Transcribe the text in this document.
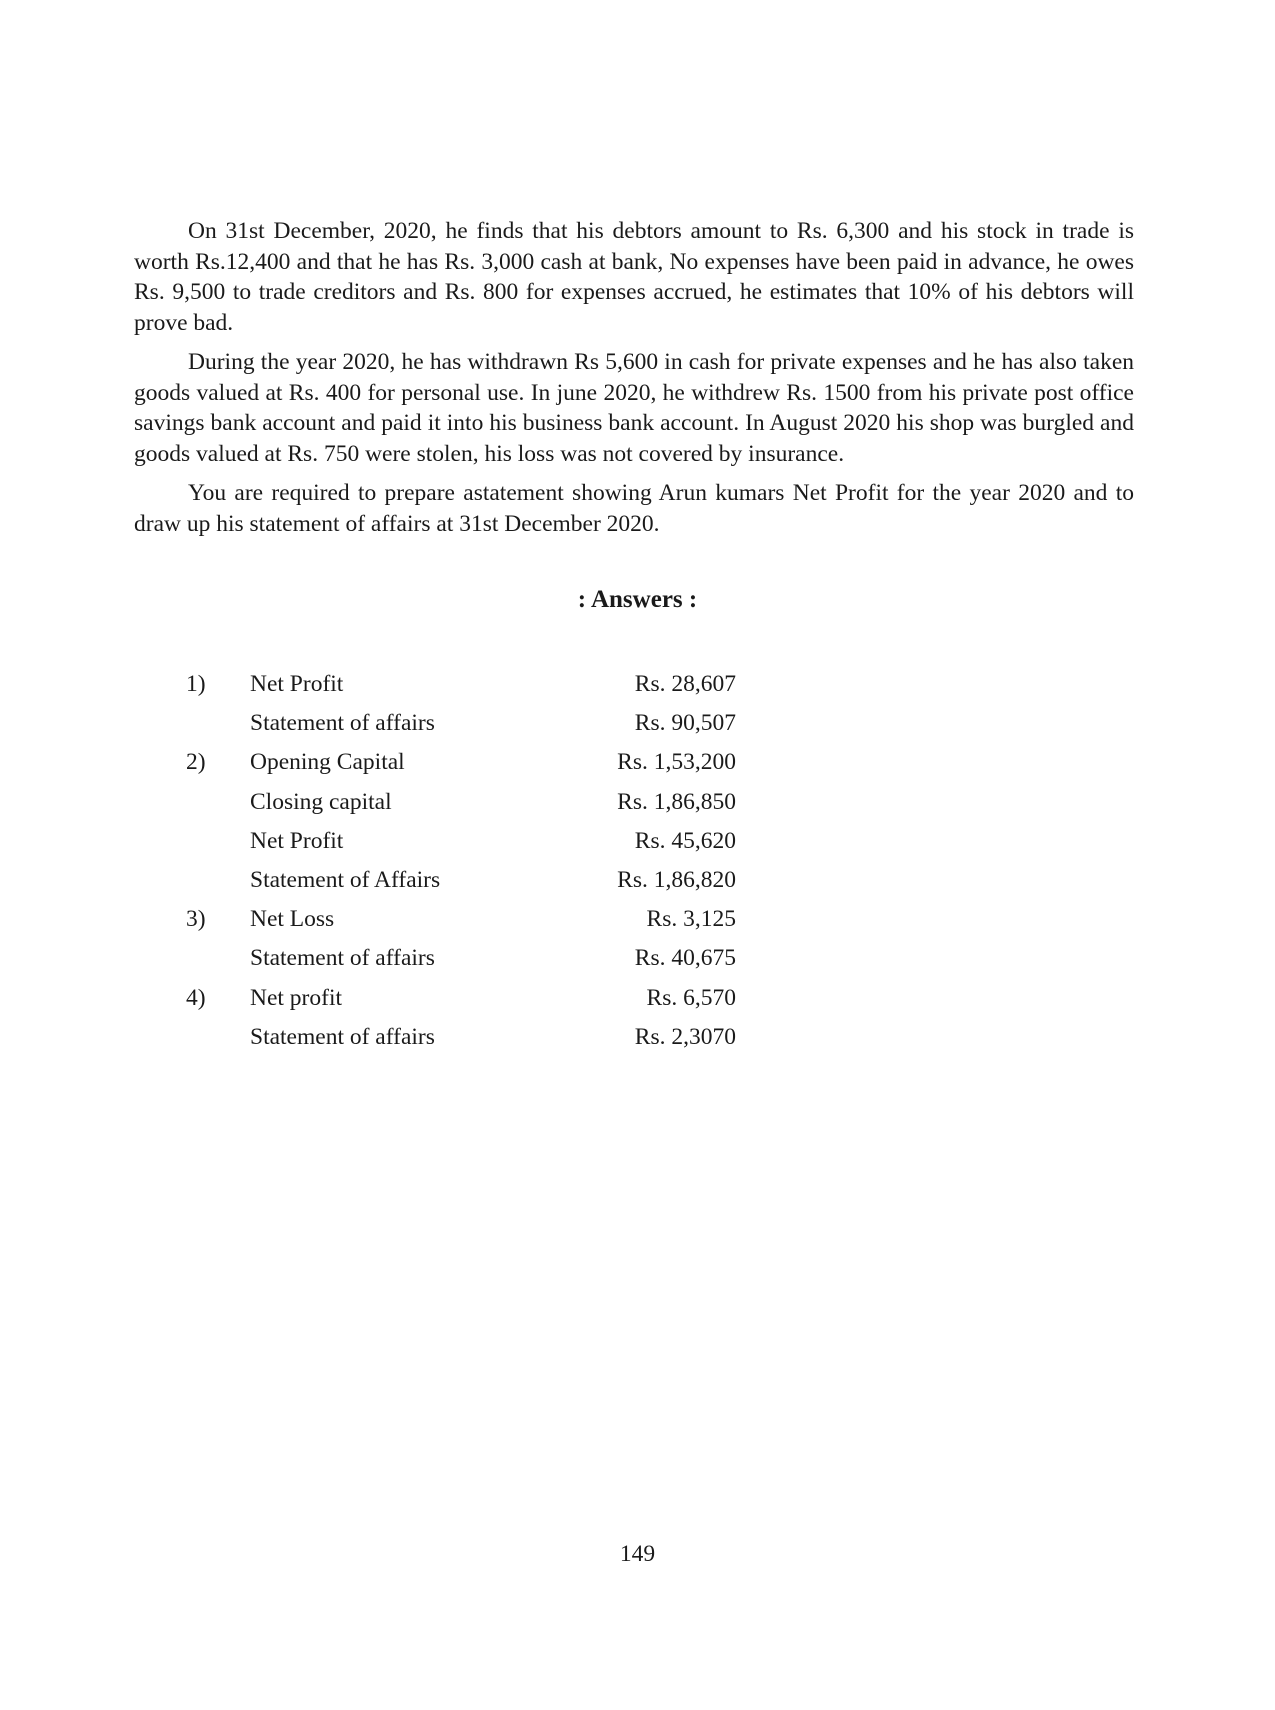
On 31st December, 2020, he finds that his debtors amount to Rs. 6,300 and his stock in trade is worth Rs.12,400 and that he has Rs. 3,000 cash at bank, No expenses have been paid in advance, he owes Rs. 9,500 to trade creditors and Rs. 800 for expenses accrued, he estimates that 10% of his debtors will prove bad.

During the year 2020, he has withdrawn Rs 5,600 in cash for private expenses and he has also taken goods valued at Rs. 400 for personal use. In june 2020, he withdrew Rs. 1500 from his private post office savings bank account and paid it into his business bank account. In August 2020 his shop was burgled and goods valued at Rs. 750 were stolen, his loss was not covered by insurance.

You are required to prepare astatement showing Arun kumars Net Profit for the year 2020 and to draw up his statement of affairs at 31st December 2020.

: Answers :
1)	Net Profit	Rs. 28,607
Statement of affairs	Rs. 90,507
2)	Opening Capital	Rs. 1,53,200
Closing capital	Rs. 1,86,850
Net Profit	Rs. 45,620
Statement of Affairs	Rs. 1,86,820
3)	Net Loss	Rs. 3,125
Statement of affairs	Rs. 40,675
4)	Net profit	Rs. 6,570
Statement of affairs	Rs. 2,3070
149
